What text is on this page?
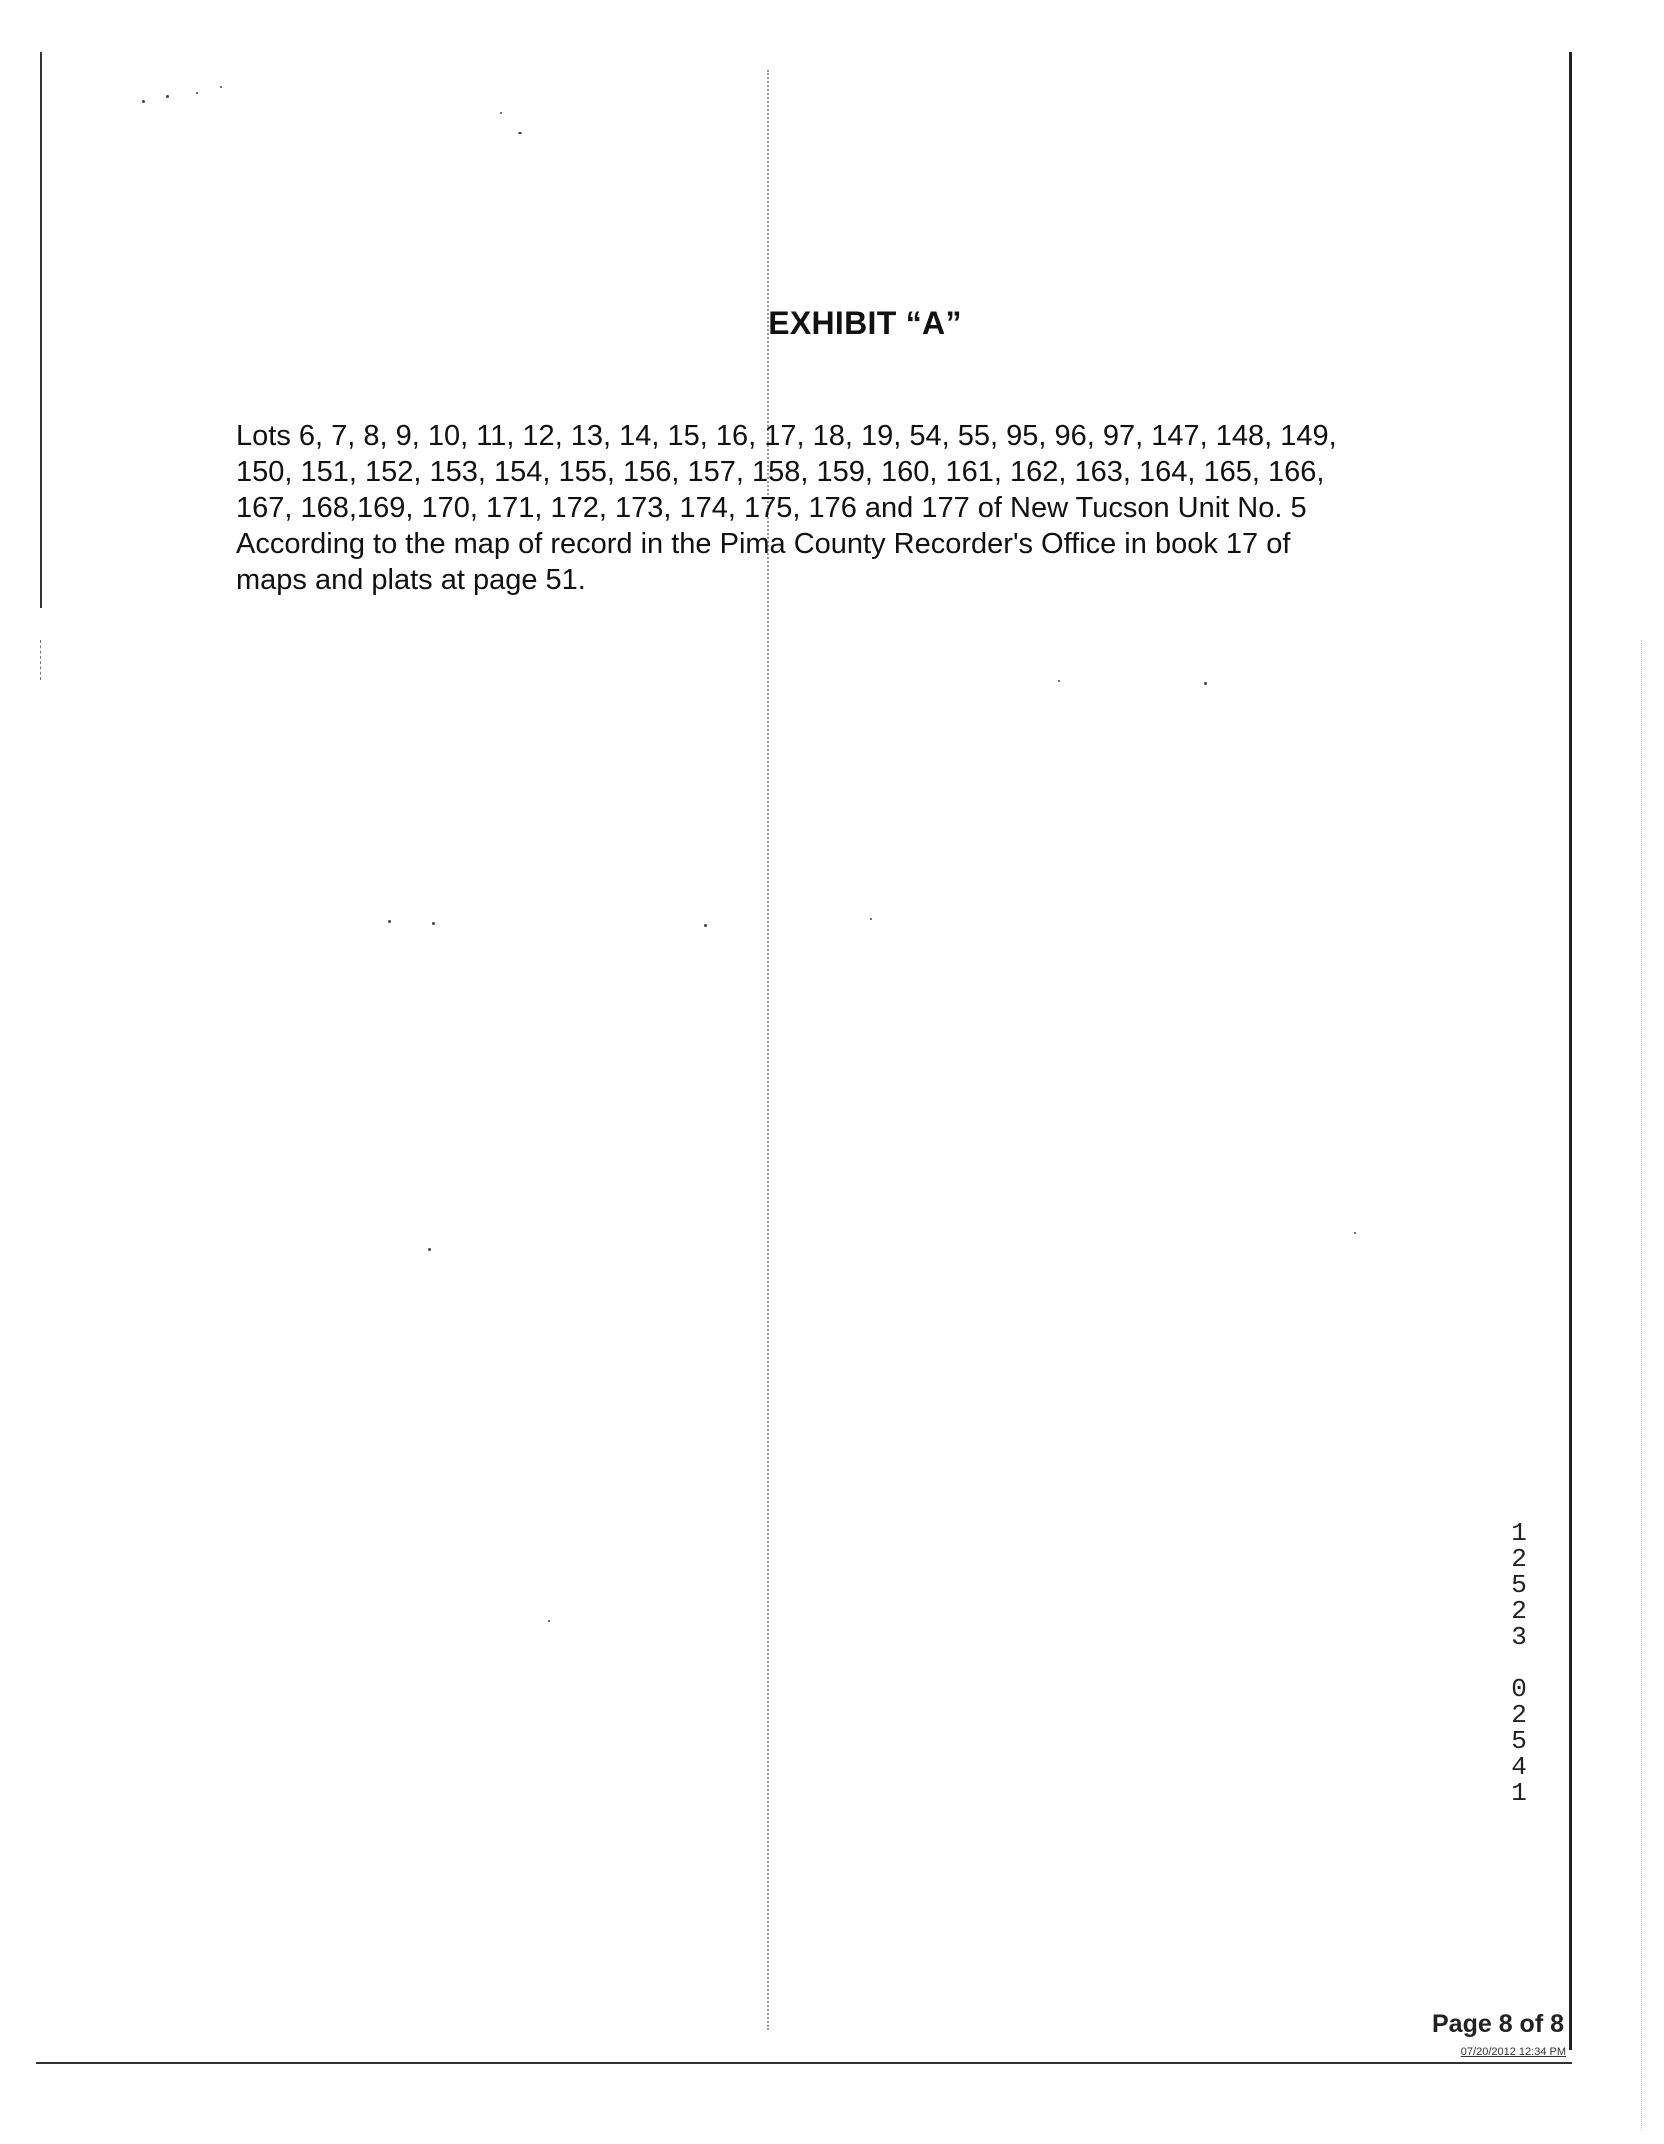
EXHIBIT “A”

Lots 6, 7, 8, 9, 10, 11, 12, 13, 14, 15, 16, 17, 18, 19, 54, 55, 95, 96, 97, 147, 148, 149,
150, 151, 152, 153, 154, 155, 156, 157, 158, 159, 160, 161, 162, 163, 164, 165, 166,
167, 168,169, 170, 171, 172, 173, 174, 175, 176 and 177 of New Tucson Unit No. 5
According to the map of record in the Pima County Recorder's Office in book 17 of
maps and plats at page 51.

12523 02541
Page 8 of 8
07/20/2012 12:34 PM
